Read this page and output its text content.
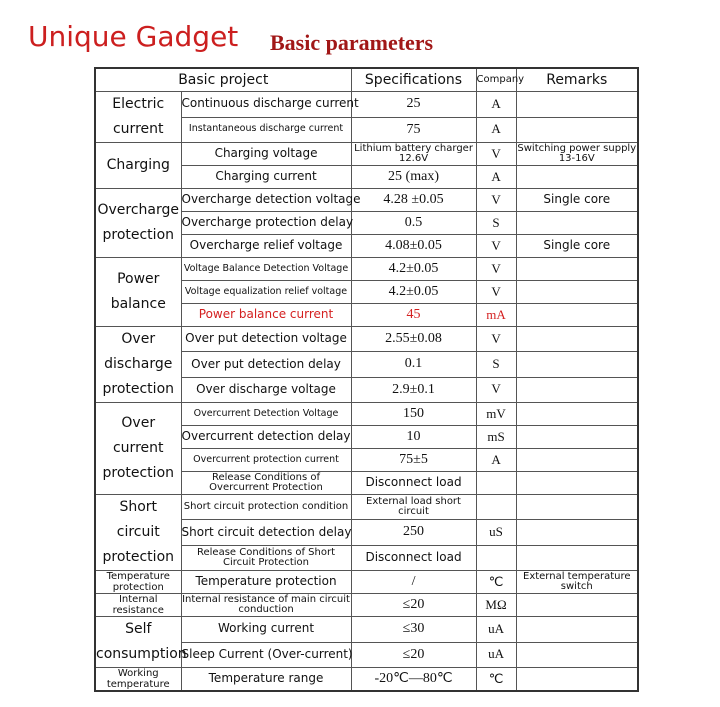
Unique Gadget Basic parameters
Basic project		Specifications	Company	Remarks
Electric current	Continuous discharge current	25	A	
	Instantaneous discharge current	75	A	
Charging	Charging voltage	Lithium battery charger 12.6V	V	Switching power supply 13-16V
	Charging current	25 (max)	A	
Overcharge protection	Overcharge detection voltage	4.28 ±0.05	V	Single core
	Overcharge protection delay	0.5	S	
	Overcharge relief voltage	4.08±0.05	V	Single core
Power balance	Voltage Balance Detection Voltage	4.2±0.05	V	
	Voltage equalization relief voltage	4.2±0.05	V	
	Power balance current	45	mA	
Over discharge protection	Over put detection voltage	2.55±0.08	V	
	Over put detection delay	0.1	S	
	Over discharge voltage	2.9±0.1	V	
Over current protection	Overcurrent Detection Voltage	150	mV	
	Overcurrent detection delay	10	mS	
	Overcurrent protection current	75±5	A	
	Release Conditions of Overcurrent Protection	Disconnect load		
Short circuit protection	Short circuit protection condition	External load short circuit		
	Short circuit detection delay	250	uS	
	Release Conditions of Short Circuit Protection	Disconnect load		
Temperature protection	Temperature protection	/	℃	External temperature switch
Internal resistance	Internal resistance of main circuit conduction	≤20	MΩ	
Self consumption	Working current	≤30	uA	
	Sleep Current (Over-current)	≤20	uA	
Working temperature	Temperature range	-20℃—80℃	℃	
